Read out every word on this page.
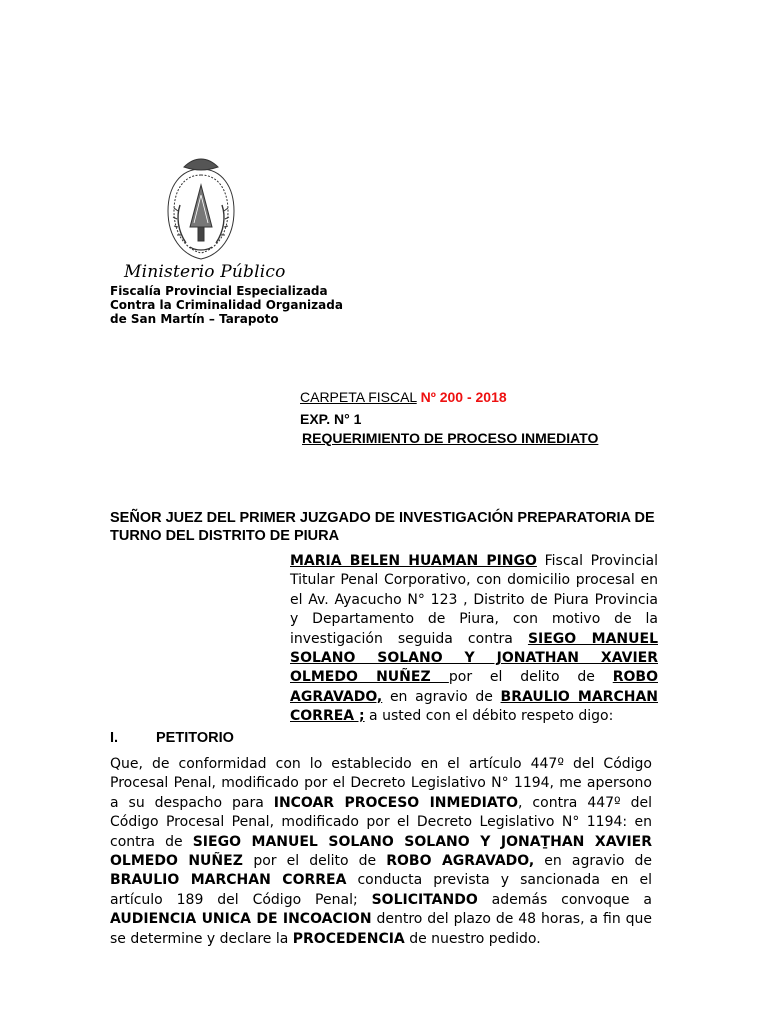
Ministerio Público
Fiscalía Provincial Especializada
Contra la Criminalidad Organizada
de San Martín – Tarapoto
CARPETA FISCAL Nº 200 - 2018
EXP. N° 1
REQUERIMIENTO DE PROCESO INMEDIATO
SEÑOR JUEZ DEL PRIMER JUZGADO DE INVESTIGACIÓN PREPARATORIA DE TURNO DEL DISTRITO DE PIURA
MARIA BELEN HUAMAN PINGO Fiscal Provincial Titular Penal Corporativo, con domicilio procesal en el Av. Ayacucho N° 123 , Distrito de Piura Provincia y Departamento de Piura, con motivo de la investigación seguida contra SIEGO MANUEL SOLANO SOLANO Y JONATHAN XAVIER OLMEDO NUÑEZ por el delito de ROBO AGRAVADO, en agravio de BRAULIO MARCHAN CORREA ; a usted con el débito respeto digo:
I.	PETITORIO
Que, de conformidad con lo establecido en el artículo 447º del Código Procesal Penal, modificado por el Decreto Legislativo N° 1194, me apersono a su despacho para INCOAR PROCESO INMEDIATO, contra 447º del Código Procesal Penal, modificado por el Decreto Legislativo N° 1194: en contra de SIEGO MANUEL SOLANO SOLANO Y JONAṮHAN XAVIER OLMEDO NUÑEZ por el delito de ROBO AGRAVADO, en agravio de BRAULIO MARCHAN CORREA conducta prevista y sancionada en el artículo 189 del Código Penal; SOLICITANDO además convoque a AUDIENCIA UNICA DE INCOACION dentro del plazo de 48 horas, a fin que se determine y declare la PROCEDENCIA de nuestro pedido.
